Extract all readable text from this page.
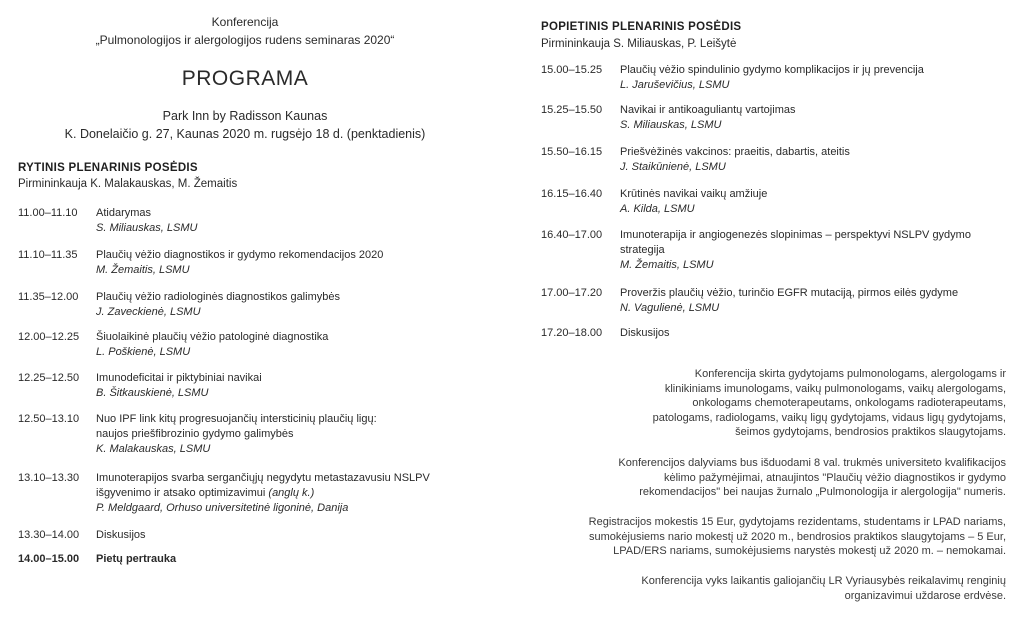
Konferencija
„Pulmonologijos ir alergologijos rudens seminaras 2020“
PROGRAMA
Park Inn by Radisson Kaunas
K. Donelaičio g. 27, Kaunas 2020 m. rugsėjo 18 d. (penktadienis)
RYTINIS PLENARINIS POSĖDIS
Pirmininkauja K. Malakauskas, M. Žemaitis
11.00–11.10	Atidarymas
S. Miliauskas, LSMU
11.10–11.35	Plaučių vėžio diagnostikos ir gydymo rekomendacijos 2020
M. Žemaitis, LSMU
11.35–12.00	Plaučių vėžio radiologinės diagnostikos galimybės
J. Zaveckienė, LSMU
12.00–12.25	Šiuolaikinė plaučių vėžio patologinė diagnostika
L. Poškienė, LSMU
12.25–12.50	Imunodeficitai ir piktybiniai navikai
B. Šitkauskienė, LSMU
12.50–13.10	Nuo IPF link kitų progresuojančių intersticinių plaučių ligų:
naujos priešfibrozinio gydymo galimybės
K. Malakauskas, LSMU
13.10–13.30	Imunoterapijos svarba sergančiųjų negydytu metastazavusiu NSLPV
išgyvenimo ir atsako optimizavimui (anglų k.)
P. Meldgaard, Orhuso universitetinė ligoninė, Danija
13.30–14.00	Diskusijos
14.00–15.00	Pietų pertrauka
POPIETINIS PLENARINIS POSĖDIS
Pirmininkauja S. Miliauskas, P. Leišytė
15.00–15.25	Plaučių vėžio spindulinio gydymo komplikacijos ir jų prevencija
L. Jaruševičius, LSMU
15.25–15.50	Navikai ir antikoaguliantų vartojimas
S. Miliauskas, LSMU
15.50–16.15	Priešvėžinės vakcinos: praeitis, dabartis, ateitis
J. Staikūnienė, LSMU
16.15–16.40	Krūtinės navikai vaikų amžiuje
A. Kilda, LSMU
16.40–17.00	Imunoterapija ir angiogenezės slopinimas – perspektyvi NSLPV gydymo
strategija
M. Žemaitis, LSMU
17.00–17.20	Proveržis plaučių vėžio, turinčio EGFR mutaciją, pirmos eilės gydyme
N. Vagulienė, LSMU
17.20–18.00	Diskusijos
Konferencija skirta gydytojams pulmonologams, alergologams ir
klinikiniams imunologams, vaikų pulmonologams, vaikų alergologams,
onkologams chemoterapeutams, onkologams radioterapeutams,
patologams, radiologams, vaikų ligų gydytojams, vidaus ligų gydytojams,
šeimos gydytojams, bendrosios praktikos slaugytojams.
Konferencijos dalyviams bus išduodami 8 val. trukmės universiteto kvalifikacijos
kėlimo pažymėjimai, atnaujintos "Plaučių vėžio diagnostikos ir gydymo
rekomendacijos" bei naujas žurnalo „Pulmonologija ir alergologija" numeris.
Registracijos mokestis 15 Eur, gydytojams rezidentams, studentams ir LPAD nariams,
sumokėjusiems nario mokestį už 2020 m., bendrosios praktikos slaugytojams – 5 Eur,
LPAD/ERS nariams, sumokėjusiems narystės mokestį už 2020 m. – nemokamai.
Konferencija vyks laikantis galiojančių LR Vyriausybės reikalavimų renginių
organizavimui uždarose erdvėse.
